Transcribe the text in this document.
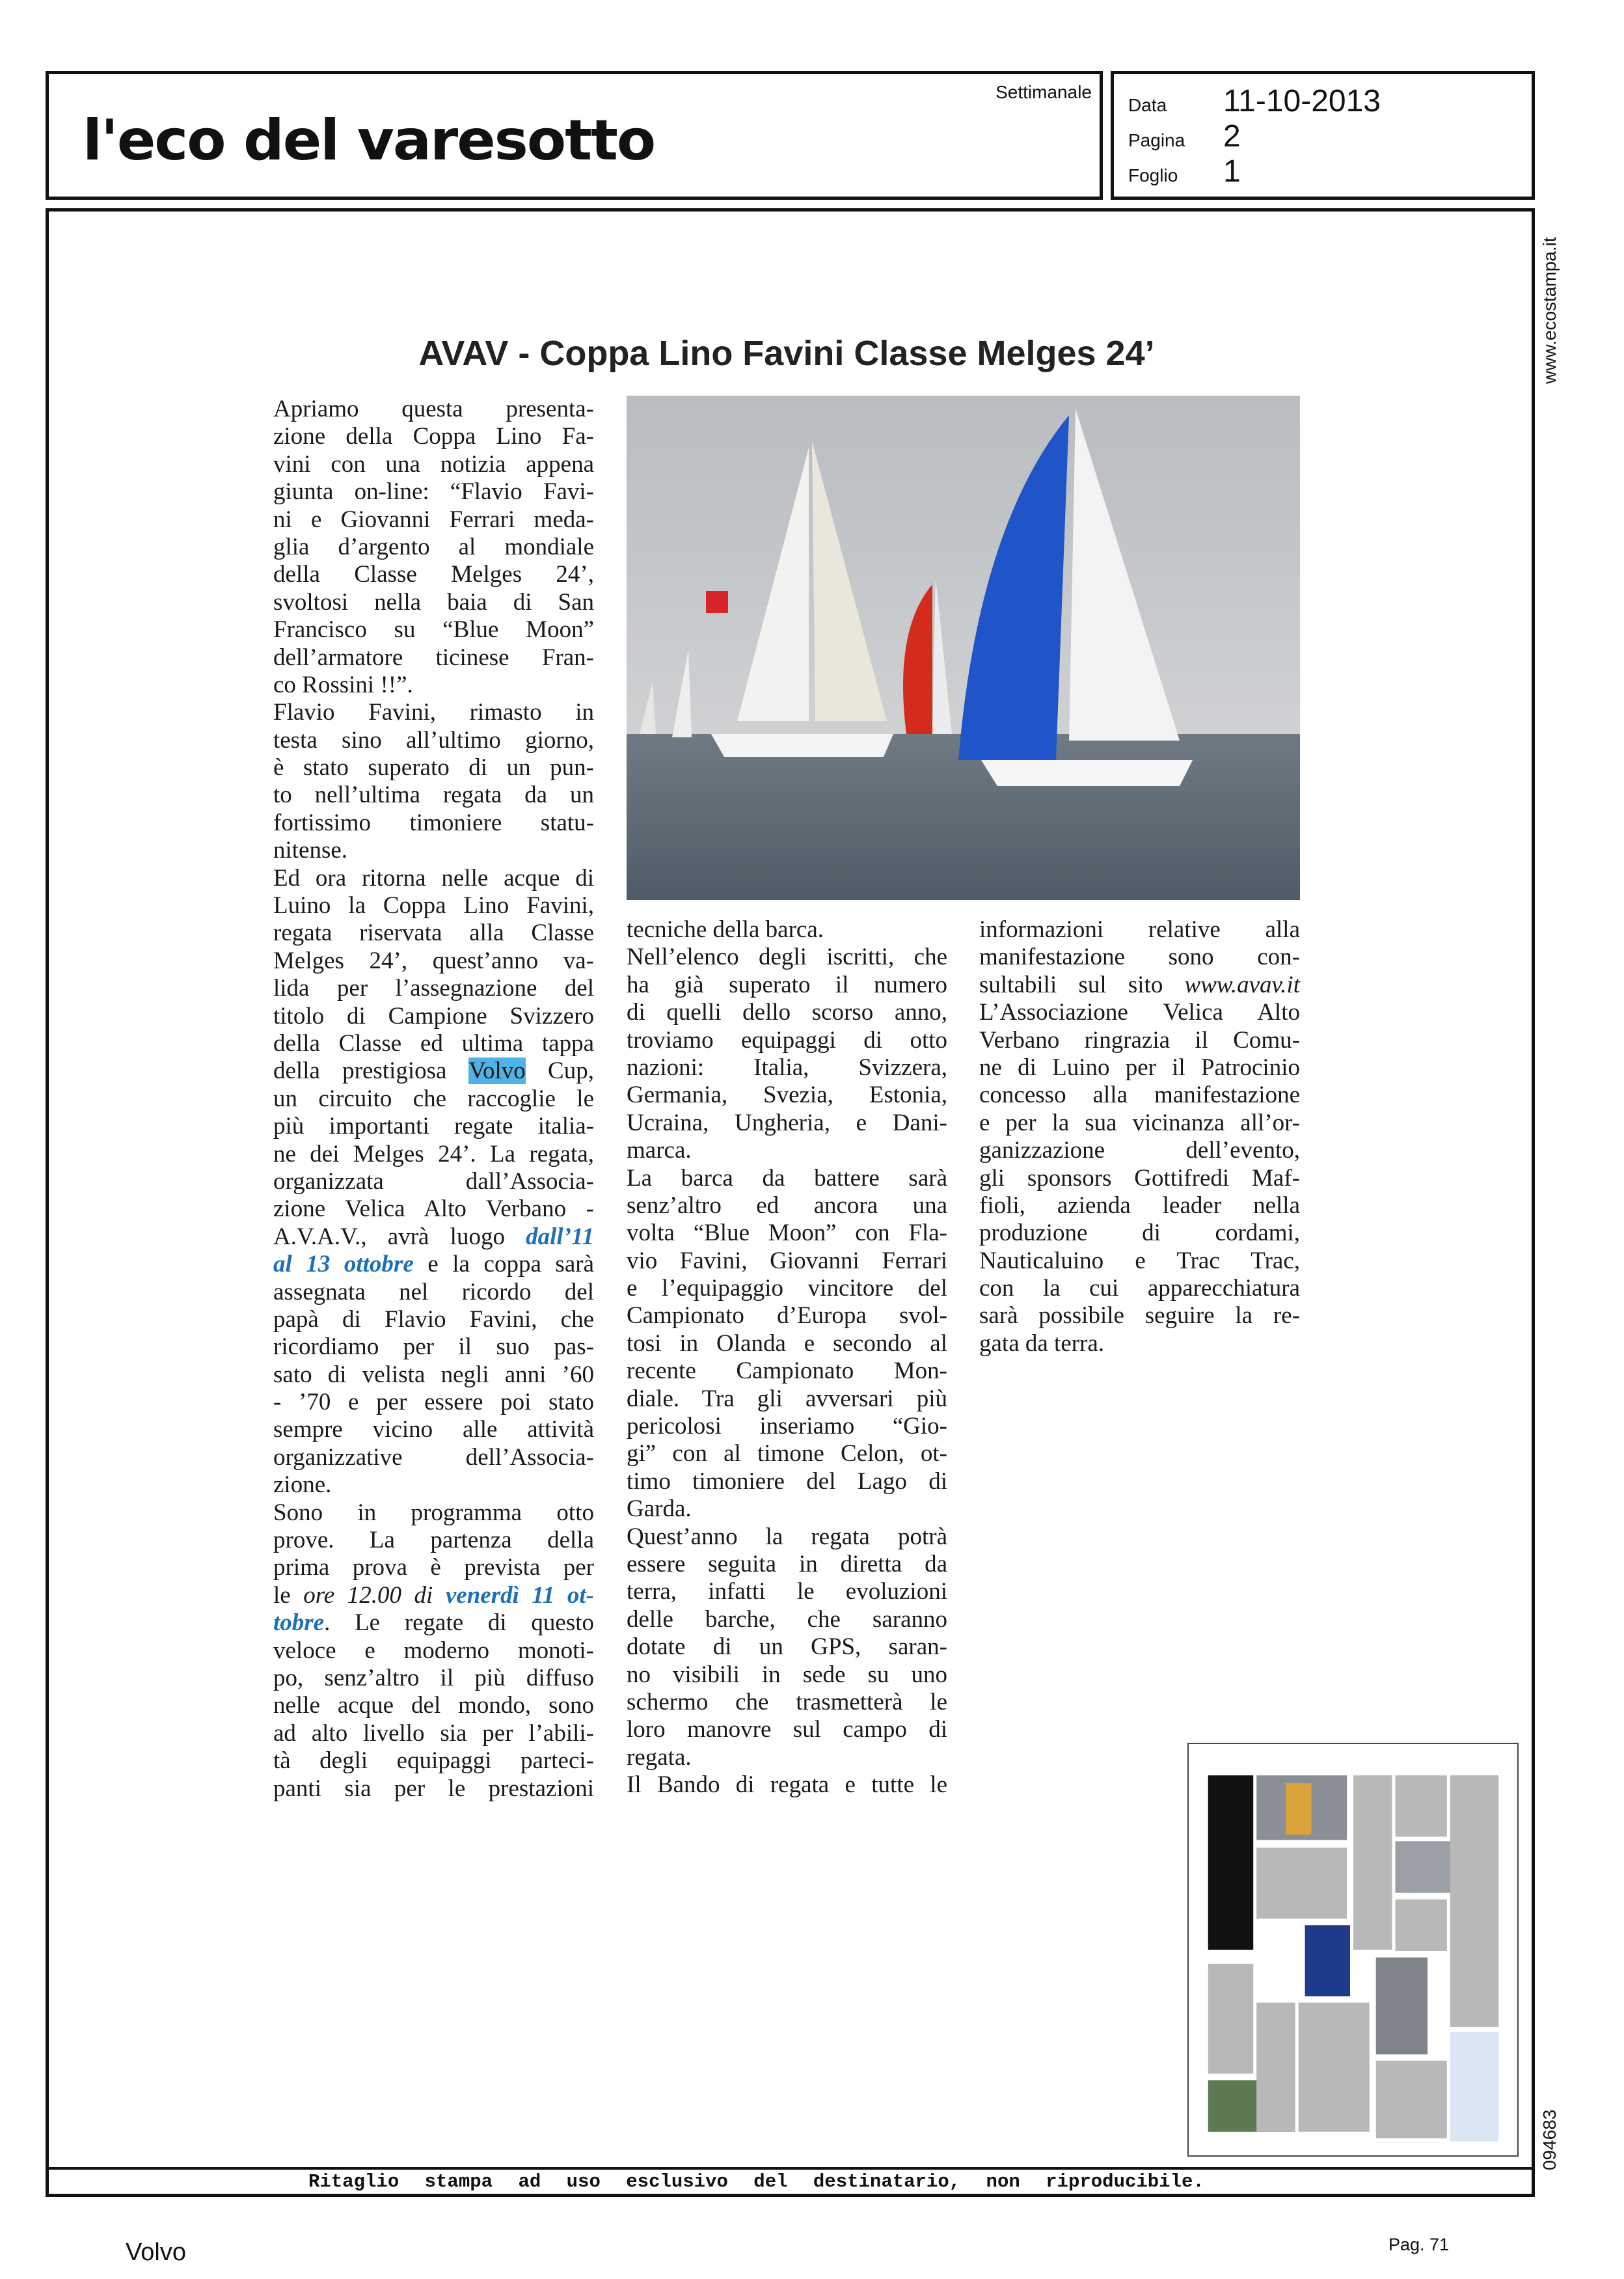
l'eco del varesotto
Settimanale
Data	11-10-2013
Pagina	2
Foglio	1
www.ecostampa.it
094683
AVAV - Coppa Lino Favini Classe Melges 24’
Apriamo questa presenta-
zione della Coppa Lino Fa-
vini con una notizia appena
giunta on-line: “Flavio Favi-
ni e Giovanni Ferrari meda-
glia d’argento al mondiale
della Classe Melges 24’,
svoltosi nella baia di San
Francisco su “Blue Moon”
dell’armatore ticinese Fran-
co Rossini !!”.
Flavio Favini, rimasto in
testa sino all’ultimo giorno,
è stato superato di un pun-
to nell’ultima regata da un
fortissimo timoniere statu-
nitense.
Ed ora ritorna nelle acque di
Luino la Coppa Lino Favini,
regata riservata alla Classe
Melges 24’, quest’anno va-
lida per l’assegnazione del
titolo di Campione Svizzero
della Classe ed ultima tappa
della prestigiosa Volvo Cup,
un circuito che raccoglie le
più importanti regate italia-
ne dei Melges 24’. La regata,
organizzata dall’Associa-
zione Velica Alto Verbano -
A.V.A.V., avrà luogo dall’11
al 13 ottobre e la coppa sarà
assegnata nel ricordo del
papà di Flavio Favini, che
ricordiamo per il suo pas-
sato di velista negli anni ’60
- ’70 e per essere poi stato
sempre vicino alle attività
organizzative dell’Associa-
zione.
Sono in programma otto
prove. La partenza della
prima prova è prevista per
le ore 12.00 di venerdì 11 ot-
tobre. Le regate di questo
veloce e moderno monoti-
po, senz’altro il più diffuso
nelle acque del mondo, sono
ad alto livello sia per l’abili-
tà degli equipaggi parteci-
panti sia per le prestazioni
tecniche della barca.
Nell’elenco degli iscritti, che
ha già superato il numero
di quelli dello scorso anno,
troviamo equipaggi di otto
nazioni: Italia, Svizzera,
Germania, Svezia, Estonia,
Ucraina, Ungheria, e Dani-
marca.
La barca da battere sarà
senz’altro ed ancora una
volta “Blue Moon” con Fla-
vio Favini, Giovanni Ferrari
e l’equipaggio vincitore del
Campionato d’Europa svol-
tosi in Olanda e secondo al
recente Campionato Mon-
diale. Tra gli avversari più
pericolosi inseriamo “Gio-
gi” con al timone Celon, ot-
timo timoniere del Lago di
Garda.
Quest’anno la regata potrà
essere seguita in diretta da
terra, infatti le evoluzioni
delle barche, che saranno
dotate di un GPS, saran-
no visibili in sede su uno
schermo che trasmetterà le
loro manovre sul campo di
regata.
Il Bando di regata e tutte le
informazioni relative alla
manifestazione sono con-
sultabili sul sito www.avav.it
L’Associazione Velica Alto
Verbano ringrazia il Comu-
ne di Luino per il Patrocinio
concesso alla manifestazione
e per la sua vicinanza all’or-
ganizzazione dell’evento,
gli sponsors Gottifredi Maf-
fioli, azienda leader nella
produzione di cordami,
Nauticaluino e Trac Trac,
con la cui apparecchiatura
sarà possibile seguire la re-
gata da terra.
Ritaglio stampa ad uso esclusivo del destinatario, non riproducibile.
Volvo	Pag. 71
